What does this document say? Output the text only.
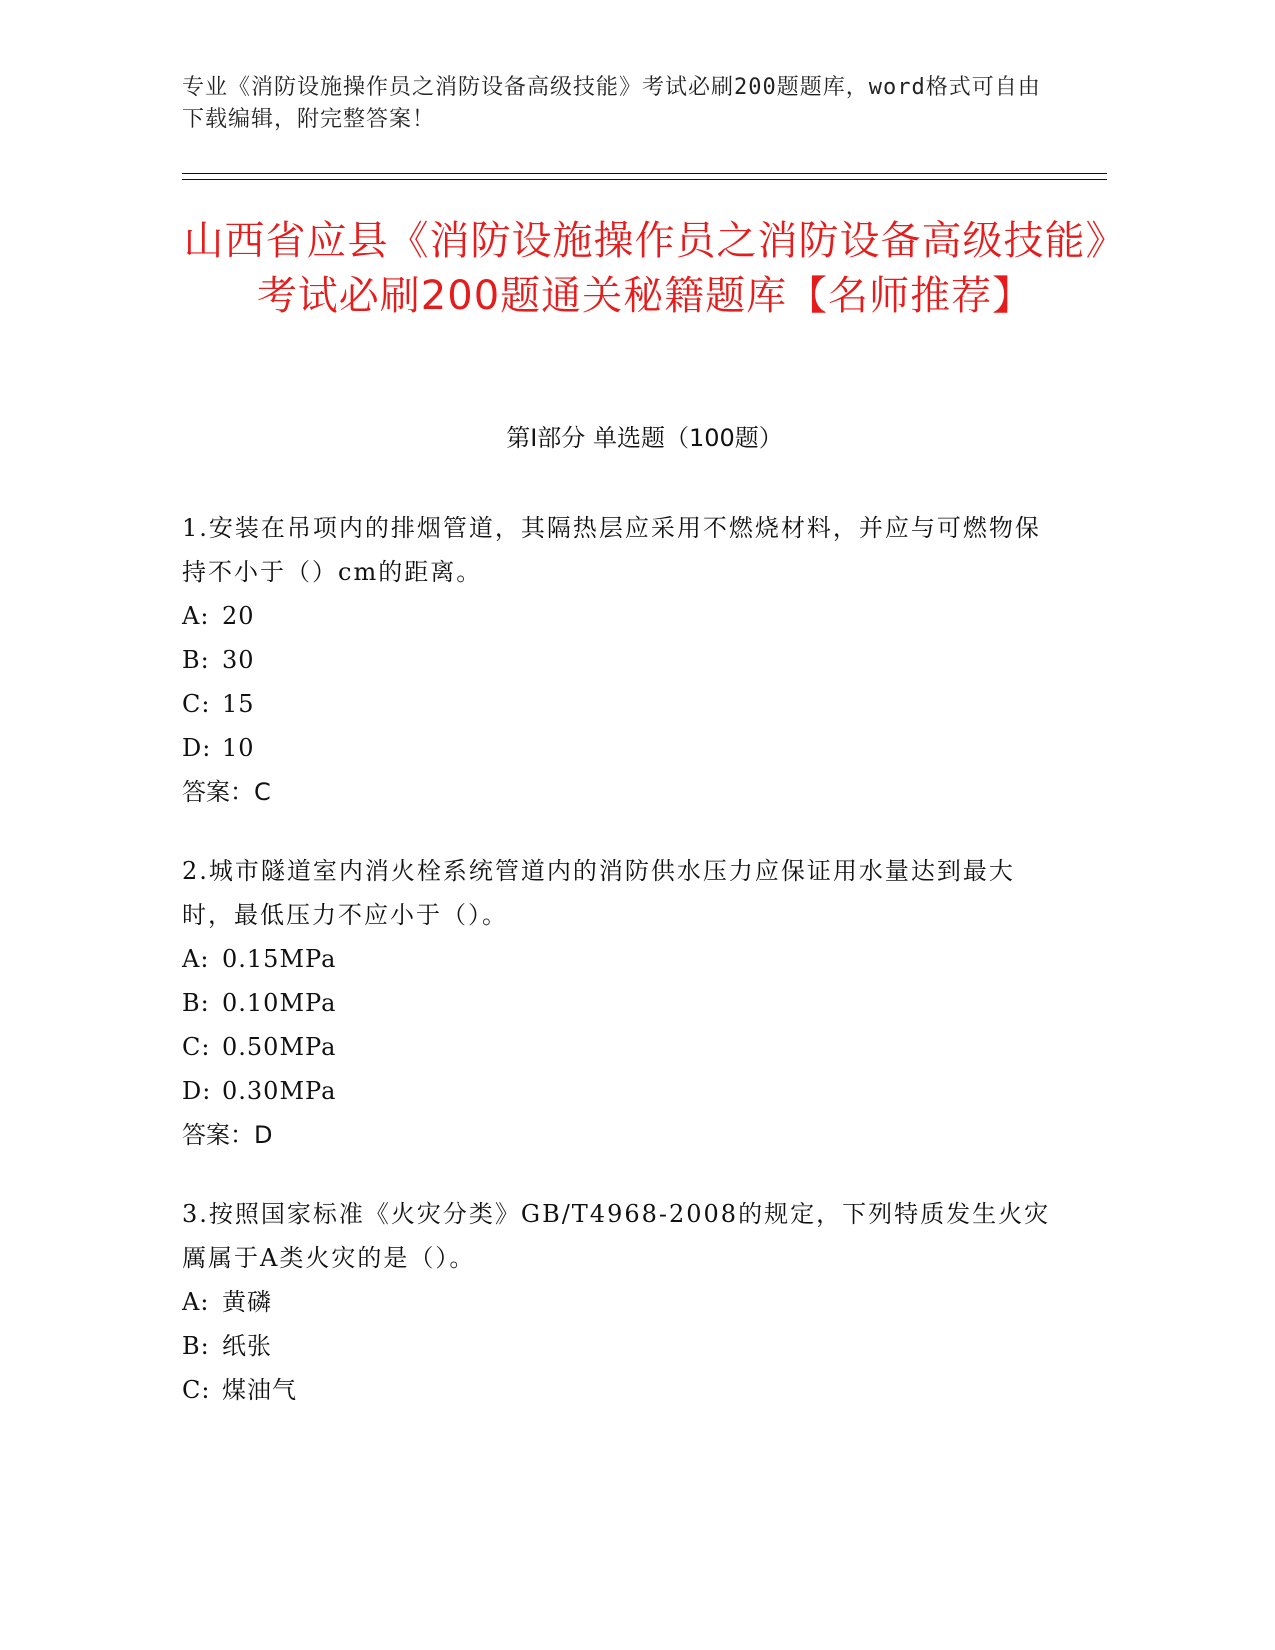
专业《消防设施操作员之消防设备高级技能》考试必刷200题题库，word格式可自由下载编辑，附完整答案！
山西省应县《消防设施操作员之消防设备高级技能》考试必刷200题通关秘籍题库【名师推荐】
第Ⅰ部分 单选题（100题）
1.安装在吊项内的排烟管道，其隔热层应采用不燃烧材料，并应与可燃物保持不小于（）cm的距离。
A: 20
B: 30
C: 15
D: 10
答案：C
2.城市隧道室内消火栓系统管道内的消防供水压力应保证用水量达到最大时，最低压力不应小于（）。
A: 0.15MPa
B: 0.10MPa
C: 0.50MPa
D: 0.30MPa
答案：D
3.按照国家标准《火灾分类》GB/T4968-2008的规定，下列特质发生火灾厲属于A类火灾的是（）。
A: 黄磷
B: 纸张
C: 煤油气
